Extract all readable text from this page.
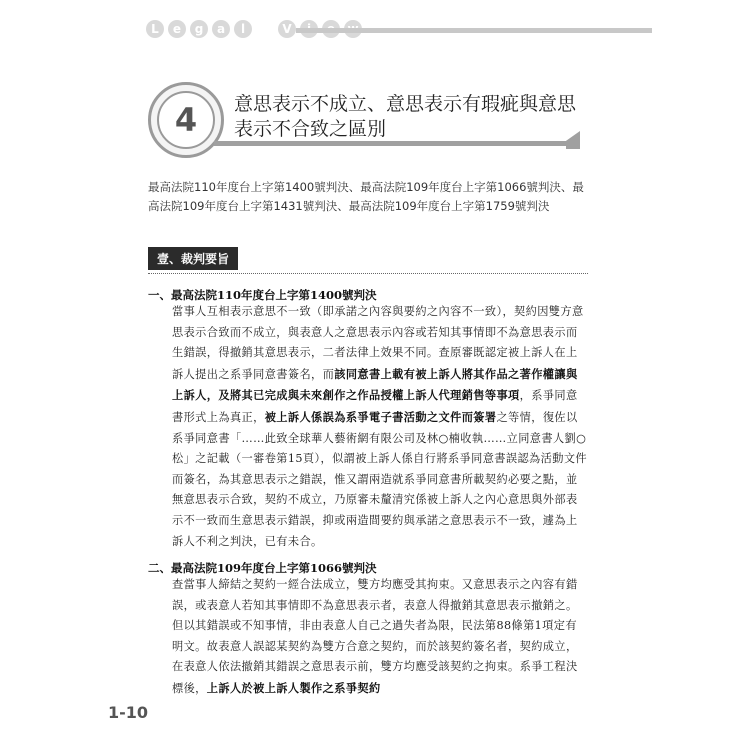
L	e	g	a	l	V
4	意思表示不成立、意思表示有瑕疵與意思
表示不合致之區別
最高法院110年度台上字第1400號判決、最高法院109年度台上字第1066號判決、最高法院109年度台上字第1431號判決、最高法院109年度台上字第1759號判決
壹、裁判要旨
一、最高法院110年度台上字第1400號判決
當事人互相表示意思不一致（即承諾之內容與要約之內容不一致），契約因雙方意思表示合致而不成立，與表意人之意思表示內容或若知其事情即不為意思表示而生錯誤，得撤銷其意思表示，二者法律上效果不同。查原審既認定被上訴人在上訴人提出之系爭同意書簽名，而該同意書上載有被上訴人將其作品之著作權讓與上訴人，及將其已完成與未來創作之作品授權上訴人代理銷售等事項，系爭同意書形式上為真正，被上訴人係誤為系爭電子書活動之文件而簽署之等情，復佐以系爭同意書「……此致全球華人藝術網有限公司及林○楠收執……立同意書人劉○松」之記載（一審卷第15頁），似謂被上訴人係自行將系爭同意書誤認為活動文件而簽名，為其意思表示之錯誤，惟又謂兩造就系爭同意書所載契約必要之點，並無意思表示合致，契約不成立，乃原審未釐清究係被上訴人之內心意思與外部表示不一致而生意思表示錯誤，抑或兩造間要約與承諾之意思表示不一致，遽為上訴人不利之判決，已有未合。
二、最高法院109年度台上字第1066號判決
查當事人締結之契約一經合法成立，雙方均應受其拘束。又意思表示之內容有錯誤，或表意人若知其事情即不為意思表示者，表意人得撤銷其意思表示撤銷之。但以其錯誤或不知事情，非由表意人自己之過失者為限，民法第88條第1項定有明文。故表意人誤認某契約為雙方合意之契約，而於該契約簽名者，契約成立，在表意人依法撤銷其錯誤之意思表示前，雙方均應受該契約之拘束。系爭工程決標後，上訴人於被上訴人製作之系爭契約
1-10
